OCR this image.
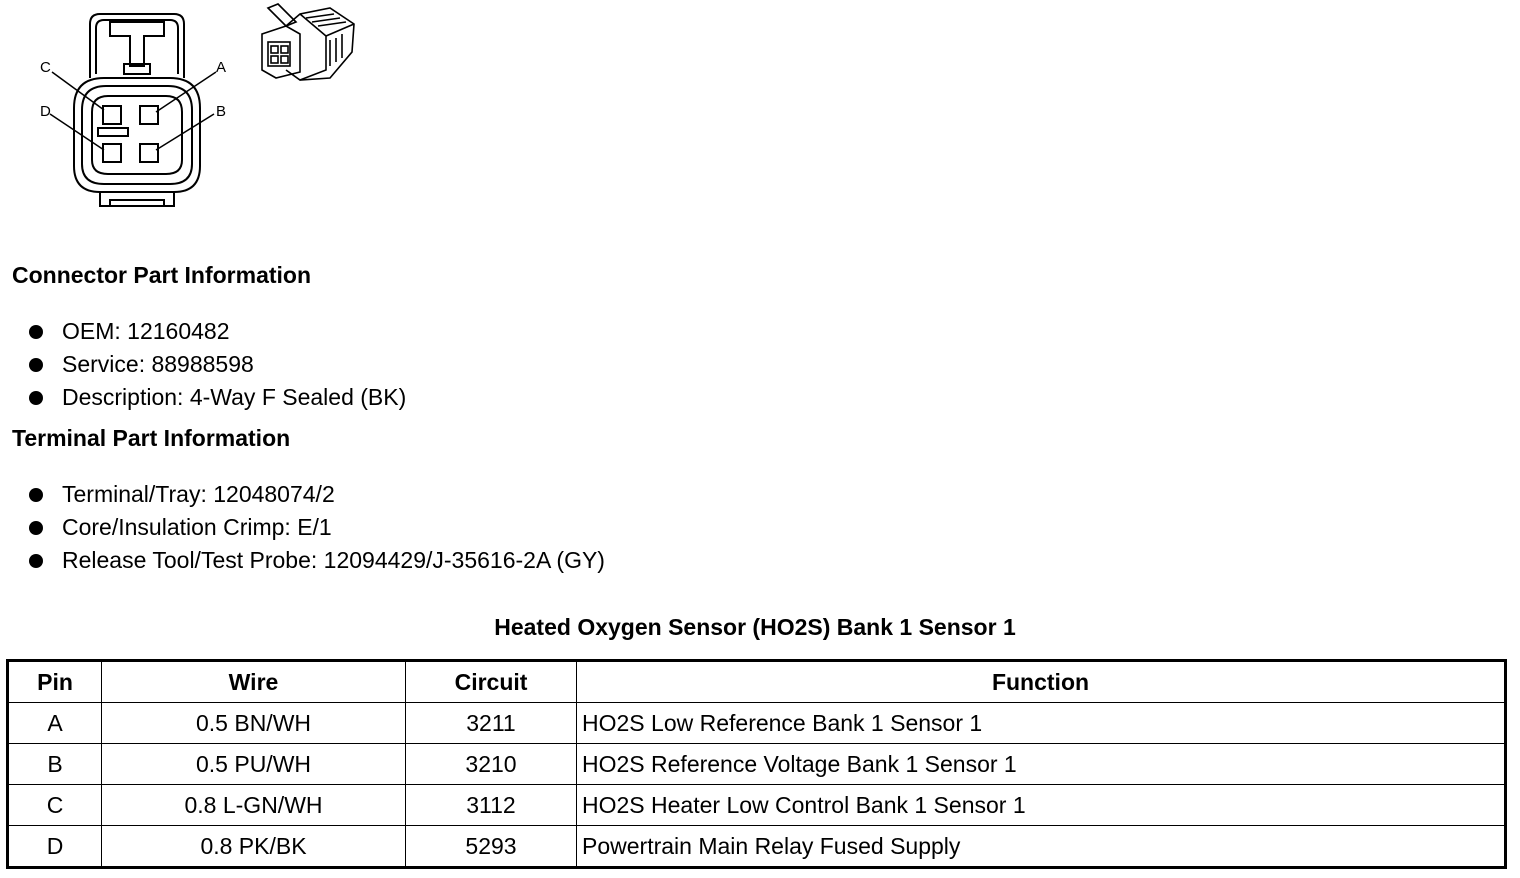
C	A
D	B
Connector Part Information
OEM: 12160482
Service: 88988598
Description: 4-Way F Sealed (BK)
Terminal Part Information
Terminal/Tray: 12048074/2
Core/Insulation Crimp: E/1
Release Tool/Test Probe: 12094429/J-35616-2A (GY)
Heated Oxygen Sensor (HO2S) Bank 1 Sensor 1
Pin	Wire	Circuit	Function
A	0.5 BN/WH	3211	HO2S Low Reference Bank 1 Sensor 1
B	0.5 PU/WH	3210	HO2S Reference Voltage Bank 1 Sensor 1
C	0.8 L-GN/WH	3112	HO2S Heater Low Control Bank 1 Sensor 1
D	0.8 PK/BK	5293	Powertrain Main Relay Fused Supply
